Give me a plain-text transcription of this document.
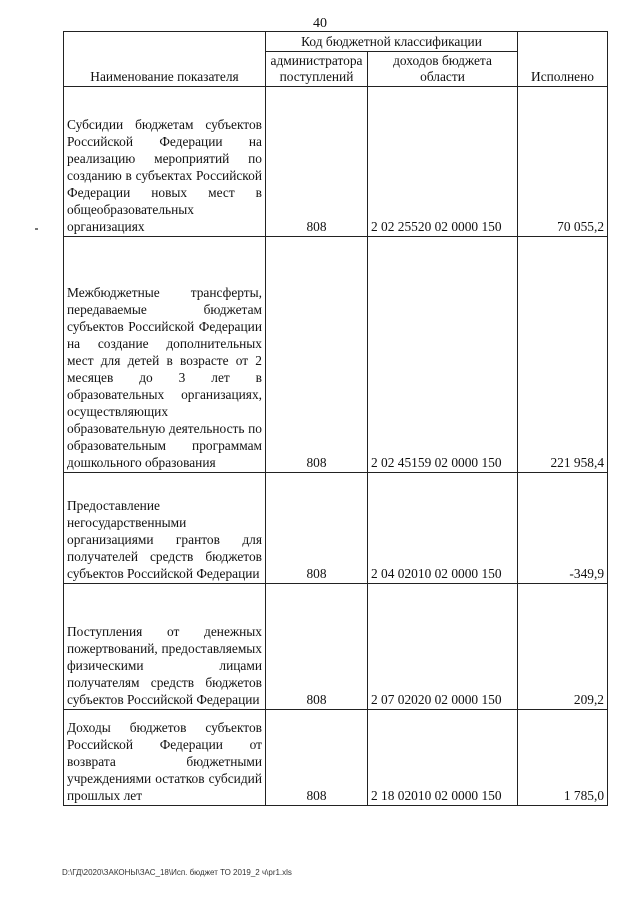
40
Наименование показателя	Код бюджетной классификации		Исполнено
	администратора поступлений	доходов бюджета области	
Субсидии бюджетам субъектов Российской Федерации на реализацию мероприятий по созданию в субъектах Российской Федерации новых мест в общеобразовательных организациях	808	2 02 25520 02 0000 150	70 055,2
Межбюджетные трансферты, передаваемые бюджетам субъектов Российской Федерации на создание дополнительных мест для детей в возрасте от 2 месяцев до 3 лет в образовательных организациях, осуществляющих образовательную деятельность по образовательным программам дошкольного образования	808	2 02 45159 02 0000 150	221 958,4
Предоставление негосударственными организациями грантов для получателей средств бюджетов субъектов Российской Федерации	808	2 04 02010 02 0000 150	-349,9
Поступления от денежных пожертвований, предоставляемых физическими лицами получателям средств бюджетов субъектов Российской Федерации	808	2 07 02020 02 0000 150	209,2
Доходы бюджетов субъектов Российской Федерации от возврата бюджетными учреждениями остатков субсидий прошлых лет	808	2 18 02010 02 0000 150	1 785,0
D:\ГД\2020\ЗАКОНЫ\ЗАС_18\Исп. бюджет ТО 2019_2 ч\pr1.xls
